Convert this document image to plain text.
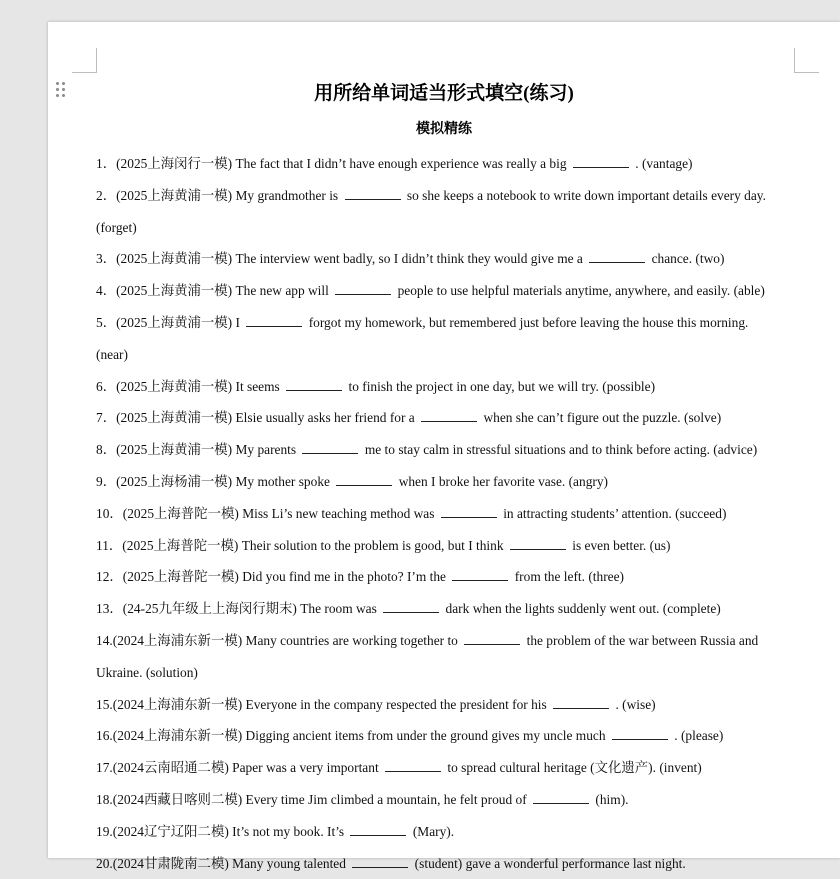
用所给单词适当形式填空(练习)
模拟精练
1．(2025上海闵行一模) The fact that I didn’t have enough experience was really a big	. (vantage)
2．(2025上海黄浦一模) My grandmother is	so she keeps a notebook to write down important details every day.
(forget)
3．(2025上海黄浦一模) The interview went badly, so I didn’t think they would give me a	chance. (two)
4．(2025上海黄浦一模) The new app will	people to use helpful materials anytime, anywhere, and easily. (able)
5．(2025上海黄浦一模) I	forgot my homework, but remembered just before leaving the house this morning.
(near)
6．(2025上海黄浦一模) It seems	to finish the project in one day, but we will try. (possible)
7．(2025上海黄浦一模) Elsie usually asks her friend for a	when she can’t figure out the puzzle. (solve)
8．(2025上海黄浦一模) My parents	me to stay calm in stressful situations and to think before acting. (advice)
9．(2025上海杨浦一模) My mother spoke	when I broke her favorite vase. (angry)
10．(2025上海普陀一模) Miss Li’s new teaching method was	in attracting students’ attention. (succeed)
11．(2025上海普陀一模) Their solution to the problem is good, but I think	is even better. (us)
12．(2025上海普陀一模) Did you find me in the photo? I’m the	from the left. (three)
13．(24-25九年级上上海闵行期末) The room was	dark when the lights suddenly went out. (complete)
14.(2024上海浦东新一模) Many countries are working together to	the problem of the war between Russia and
Ukraine. (solution)
15.(2024上海浦东新一模) Everyone in the company respected the president for his	. (wise)
16.(2024上海浦东新一模) Digging ancient items from under the ground gives my uncle much	. (please)
17.(2024云南昭通二模) Paper was a very important	to spread cultural heritage (文化遗产). (invent)
18.(2024西藏日喀则二模) Every time Jim climbed a mountain, he felt proud of	(him).
19.(2024辽宁辽阳二模) It’s not my book. It’s	(Mary).
20.(2024甘肃陇南二模) Many young talented	(student) gave a wonderful performance last night.
